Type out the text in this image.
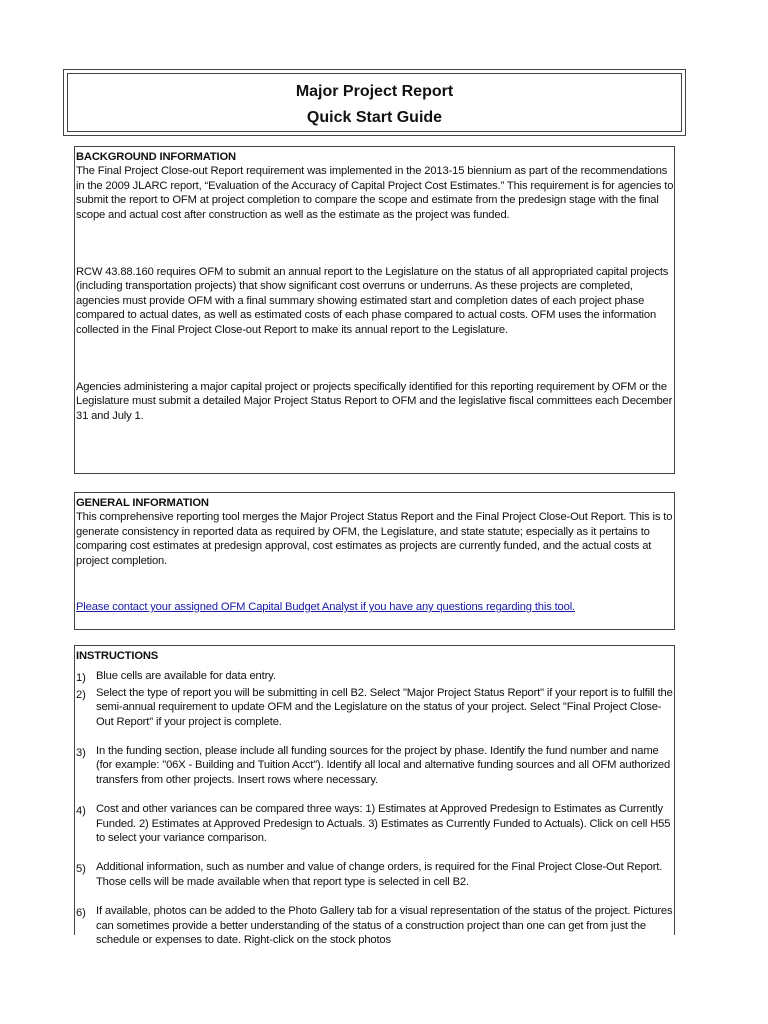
Major Project Report
Quick Start Guide
BACKGROUND INFORMATION

The Final Project Close-out Report requirement was implemented in the 2013-15 biennium as part of the recommendations in the 2009 JLARC report, “Evaluation of the Accuracy of Capital Project Cost Estimates.” This requirement is for agencies to submit the report to OFM at project completion to compare the scope and estimate from the predesign stage with the final scope and actual cost after construction as well as the estimate as the project was funded.

RCW 43.88.160 requires OFM to submit an annual report to the Legislature on the status of all appropriated capital projects (including transportation projects) that show significant cost overruns or underruns. As these projects are completed, agencies must provide OFM with a final summary showing estimated start and completion dates of each project phase compared to actual dates, as well as estimated costs of each phase compared to actual costs. OFM uses the information collected in the Final Project Close-out Report to make its annual report to the Legislature.

Agencies administering a major capital project or projects specifically identified for this reporting requirement by OFM or the Legislature must submit a detailed Major Project Status Report to OFM and the legislative fiscal committees each December 31 and July 1.

GENERAL INFORMATION

This comprehensive reporting tool merges the Major Project Status Report and the Final Project Close-Out Report. This is to generate consistency in reported data as required by OFM, the Legislature, and state statute; especially as it pertains to comparing cost estimates at predesign approval, cost estimates as projects are currently funded, and the actual costs at project completion.

Please contact your assigned OFM Capital Budget Analyst if you have any questions regarding this tool.
INSTRUCTIONS
1) Blue cells are available for data entry.
2) Select the type of report you will be submitting in cell B2. Select "Major Project Status Report" if your report is to fulfill the semi-annual requirement to update OFM and the Legislature on the status of your project. Select "Final Project Close-Out Report" if your project is complete.
3) In the funding section, please include all funding sources for the project by phase. Identify the fund number and name (for example: "06X - Building and Tuition Acct"). Identify all local and alternative funding sources and all OFM authorized transfers from other projects. Insert rows where necessary.
4) Cost and other variances can be compared three ways: 1) Estimates at Approved Predesign to Estimates as Currently Funded. 2) Estimates at Approved Predesign to Actuals. 3) Estimates as Currently Funded to Actuals). Click on cell H55 to select your variance comparison.
5) Additional information, such as number and value of change orders, is required for the Final Project Close-Out Report. Those cells will be made available when that report type is selected in cell B2.
6) If available, photos can be added to the Photo Gallery tab for a visual representation of the status of the project. Pictures can sometimes provide a better understanding of the status of a construction project than one can get from just the schedule or expenses to date. Right-click on the stock photos
